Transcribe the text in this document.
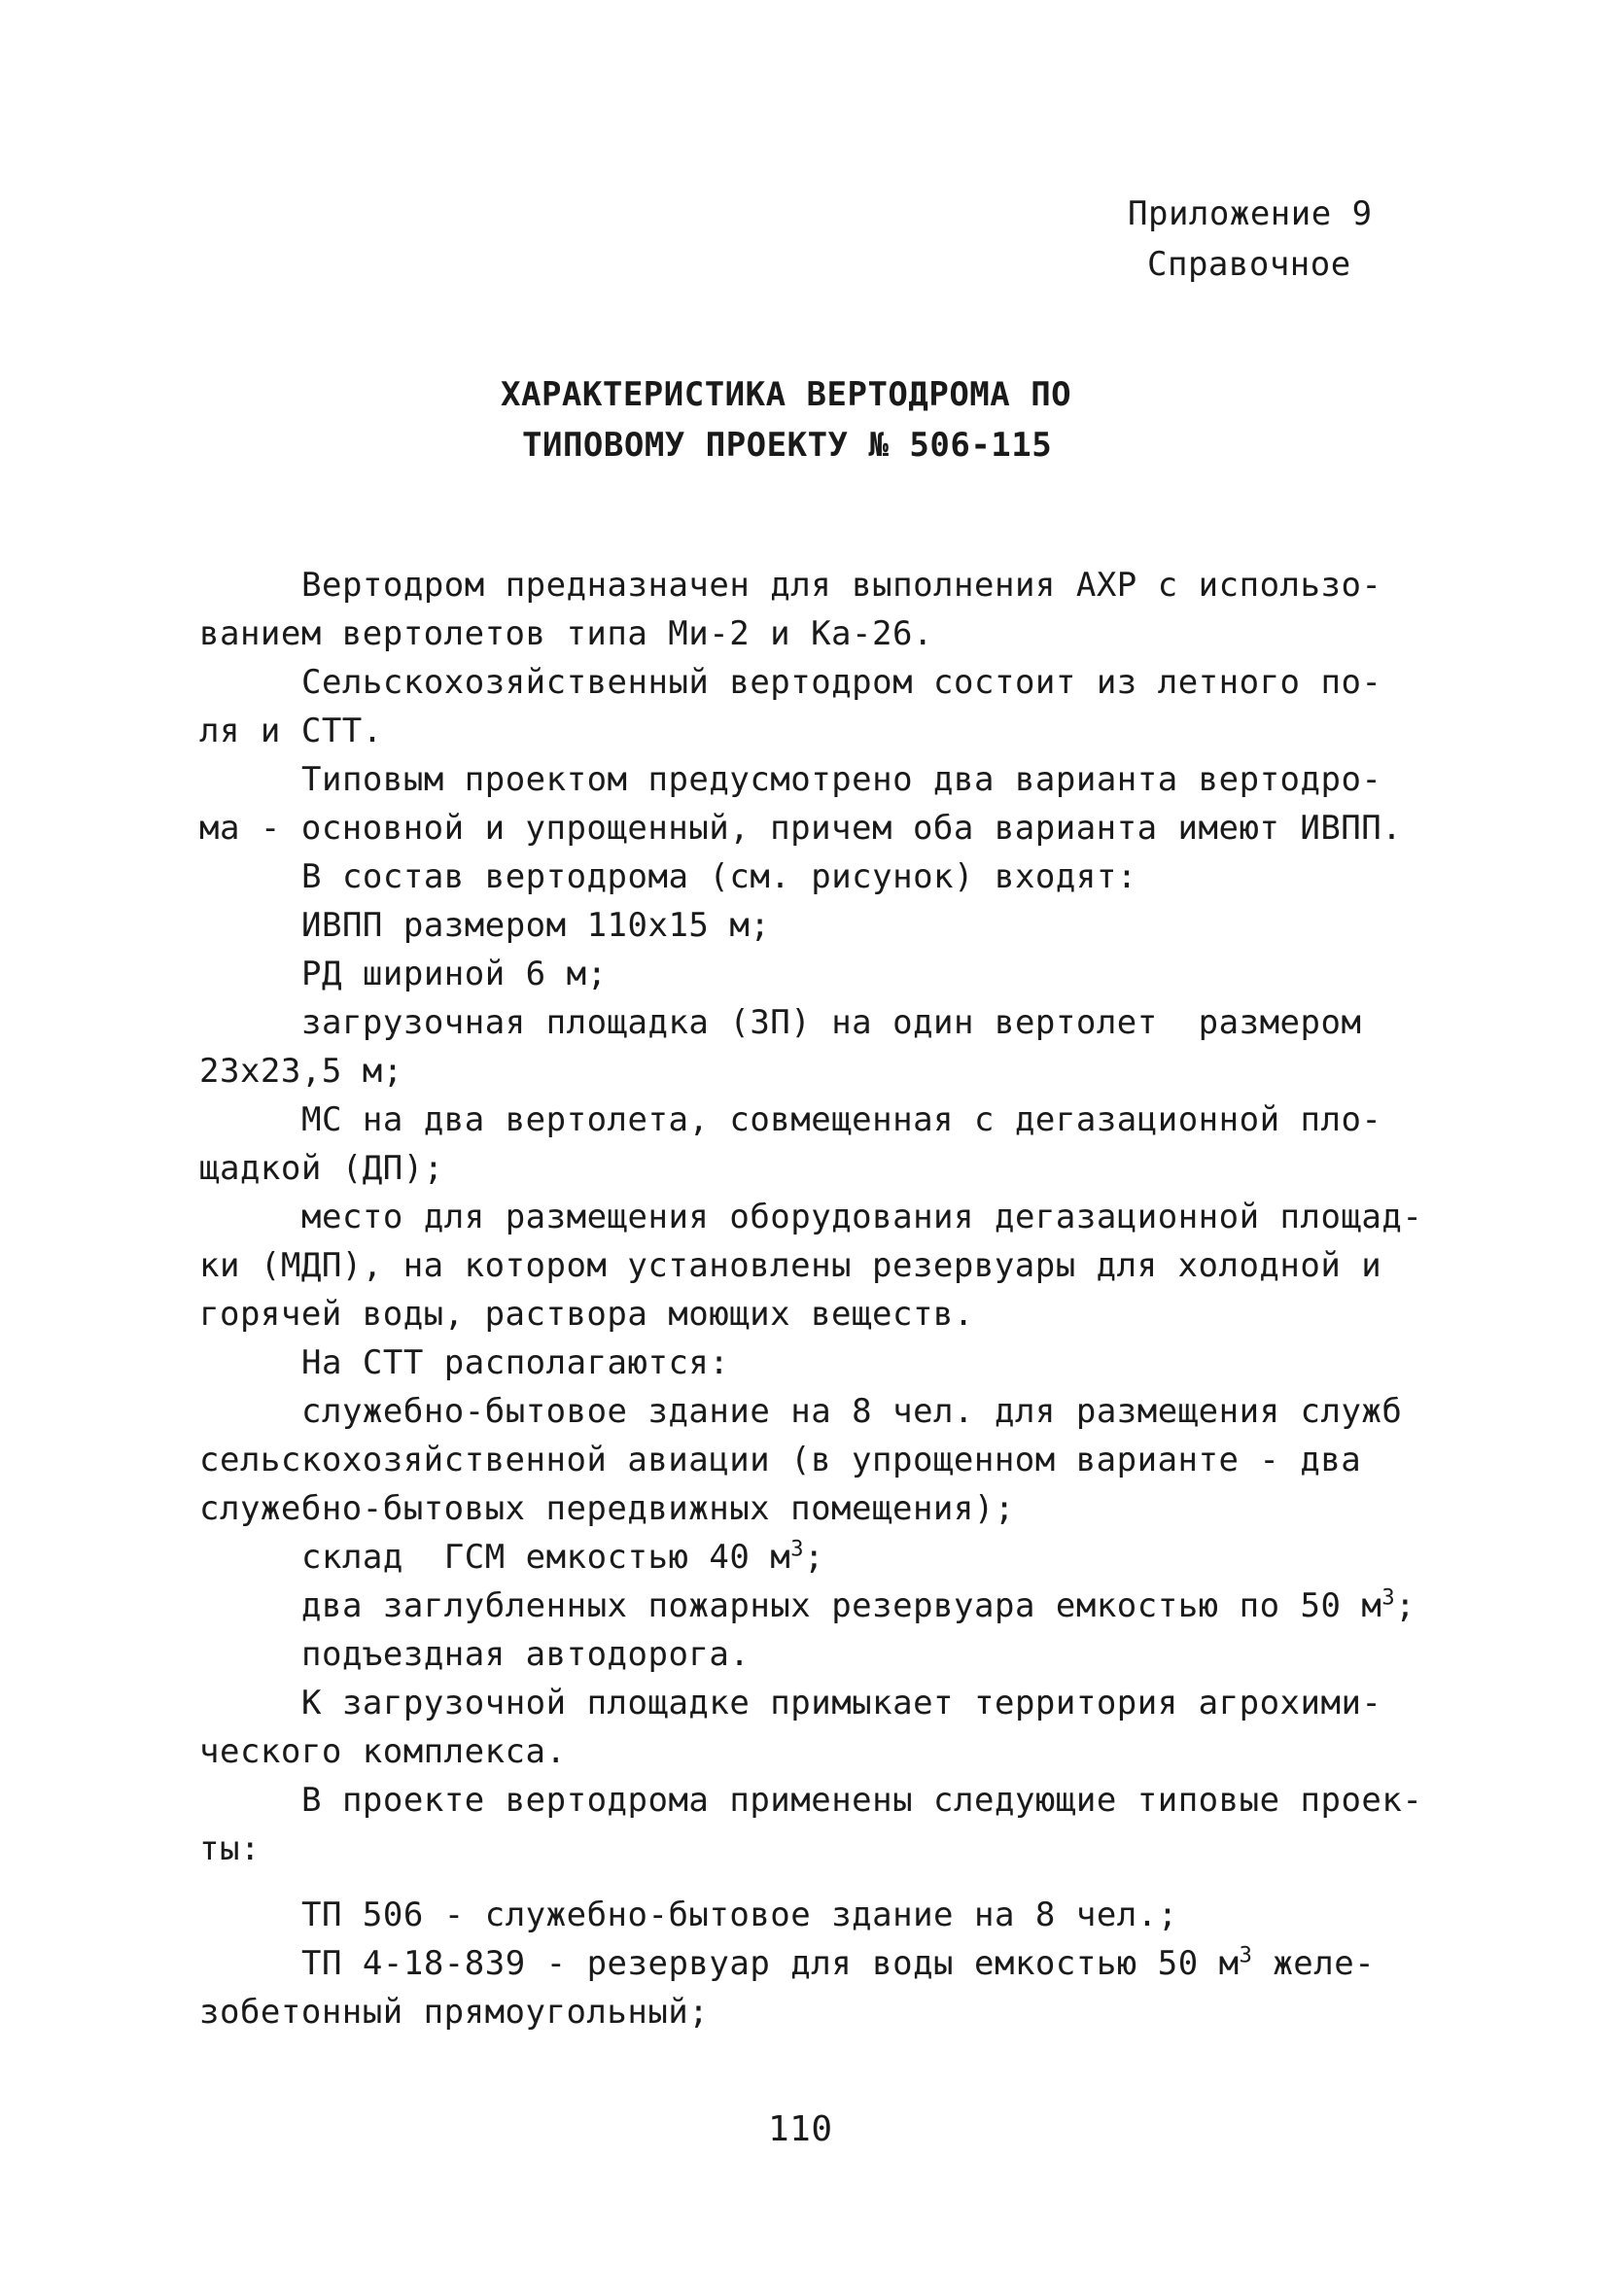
Приложение 9
Справочное
ХАРАКТЕРИСТИКА ВЕРТОДРОМА ПО
ТИПОВОМУ ПРОЕКТУ № 506-115
Вертодром предназначен для выполнения АХР с использо-
ванием вертолетов типа Ми-2 и Ка-26.
Сельскохозяйственный вертодром состоит из летного по-
ля и СТТ.
Типовым проектом предусмотрено два варианта вертодро-
ма - основной и упрощенный, причем оба варианта имеют ИВПП.
В состав вертодрома (см. рисунок) входят:
ИВПП размером 110х15 м;
РД шириной 6 м;
загрузочная площадка (ЗП) на один вертолет  размером
23х23,5 м;
МС на два вертолета, совмещенная с дегазационной пло-
щадкой (ДП);
место для размещения оборудования дегазационной площад-
ки (МДП), на котором установлены резервуары для холодной и
горячей воды, раствора моющих веществ.
На СТТ располагаются:
служебно-бытовое здание на 8 чел. для размещения служб
сельскохозяйственной авиации (в упрощенном варианте - два
служебно-бытовых передвижных помещения);
склад  ГСМ емкостью 40 $м^3$;
два заглубленных пожарных резервуара емкостью по 50 $м^3$;
подъездная автодорога.
К загрузочной площадке примыкает территория агрохими-
ческого комплекса.
В проекте вертодрома применены следующие типовые проек-
ты:
ТП 506 - служебно-бытовое здание на 8 чел.;
ТП 4-18-839 - резервуар для воды емкостью 50 $м^3$ желе-
зобетонный прямоугольный;
110
